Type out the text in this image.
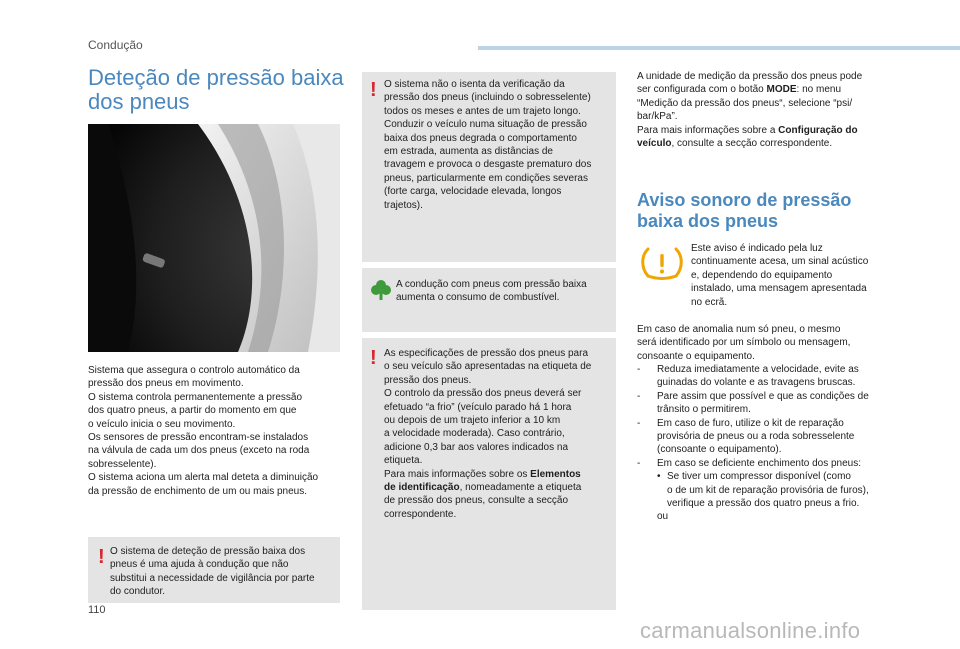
Condução
Deteção de pressão baixa dos pneus
Sistema que assegura o controlo automático da
pressão dos pneus em movimento.
O sistema controla permanentemente a pressão
dos quatro pneus, a partir do momento em que
o veículo inicia o seu movimento.
Os sensores de pressão encontram-se instalados
na válvula de cada um dos pneus (exceto na roda
sobresselente).
O sistema aciona um alerta mal deteta a diminuição
da pressão de enchimento de um ou mais pneus.
! O sistema de deteção de pressão baixa dos
pneus é uma ajuda à condução que não
substitui a necessidade de vigilância por parte
do condutor.
! O sistema não o isenta da verificação da
pressão dos pneus (incluindo o sobresselente)
todos os meses e antes de um trajeto longo.
Conduzir o veículo numa situação de pressão
baixa dos pneus degrada o comportamento
em estrada, aumenta as distâncias de
travagem e provoca o desgaste prematuro dos
pneus, particularmente em condições severas
(forte carga, velocidade elevada, longos
trajetos).
A condução com pneus com pressão baixa
aumenta o consumo de combustível.
! As especificações de pressão dos pneus para
o seu veículo são apresentadas na etiqueta de
pressão dos pneus.
O controlo da pressão dos pneus deverá ser
efetuado “a frio” (veículo parado há 1 hora
ou depois de um trajeto inferior a 10 km
a velocidade moderada). Caso contrário,
adicione 0,3 bar aos valores indicados na
etiqueta.
Para mais informações sobre os Elementos
de identificação, nomeadamente a etiqueta
de pressão dos pneus, consulte a secção
correspondente.
A unidade de medição da pressão dos pneus pode
ser configurada com o botão MODE: no menu
“Medição da pressão dos pneus“, selecione “psi/
bar/kPa”.
Para mais informações sobre a Configuração do
veículo, consulte a secção correspondente.
Aviso sonoro de pressão baixa dos pneus
Este aviso é indicado pela luz
continuamente acesa, um sinal acústico
e, dependendo do equipamento
instalado, uma mensagem apresentada
no ecrã.
Em caso de anomalia num só pneu, o mesmo
será identificado por um símbolo ou mensagem,
consoante o equipamento.
- Reduza imediatamente a velocidade, evite as
guinadas do volante e as travagens bruscas.
- Pare assim que possível e que as condições de
trânsito o permitirem.
- Em caso de furo, utilize o kit de reparação
provisória de pneus ou a roda sobresselente
(consoante o equipamento).
- Em caso se deficiente enchimento dos pneus:
• Se tiver um compressor disponível (como
o de um kit de reparação provisória de furos),
verifique a pressão dos quatro pneus a frio.
ou
110
carmanualsonline.info
